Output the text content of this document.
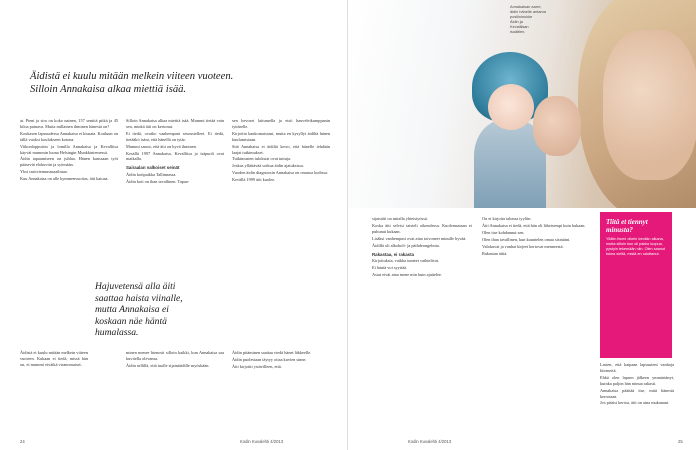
Äidistä ei kuulu mitään melkein viiteen vuoteen.
Silloin Annakaisa alkaa miettiä isää.

at. Pieni ja siro on koko nainen, 157 senttiä pitkä ja 45 kiloa painava. Mutta millainen ihminen hänestä on?

Koukasen lapsuudessa Annakaisa ei kiusata. Kouluun on tällä vuoksi koulukseen kotona.

Viikonloppuisin ja lomilla Annakaisa ja Kevalliisa käyvät mummin luona Helsingin Munkkiniemessä.

Äidin tapaamiseen on juhlaa. Hänen kanssaan työt pääsevät elokuviin ja syömään.

Yksi rastiviennusmaailmaa.

Kuu Annakaisa on alle kymmenvuotias, äiti katoaa.

Silloin Annakaisa alkaa miettiä isää. Mummi tietää vain sen, minkä äiti on kertonut.

Ei tiedä, ovatko vanhempani seurustelleet. Ei tiedä, tietääkö isäni, että hänellä on tytär.

Mummi sanoo, että äiti on hyvä ihminen.

Kesällä 1997 Annakaisa, Kevalliisa ja isäpuoli ovat matkalla.

Sairaalan valkoiset seinät

Äidin kotipaikka Tallinnassa.

Äidin koti on ihan tavallinen. Tapaa-

sen hevoset laitumella ja etsii hauveleikumppanin tyttärelle.

Kirjoitin kaukomaisiani, mutta en kysyllyt äidiltä hänen kuulumisiaan.

Sitä Annakaisa ei äidiltä kerro, että hänelle tehdään laajat tutkimukset.

Tutkimusten tuloksiat ovat tuttuja.

Joskus yllättävää sotkua äidin ajatuksissa.

Vuoden äidin diagnoosin Annakaisa on omassa kodissa.

Kevällä 1999 äiti kuolee.

Hajuvetensä alla äiti
saattaa haista viinalle,
mutta Annakaisa ei
koskaan näe häntä
humalassa.

Äidistä ei kuulu mitään melkein viiteen vuoteen. Kukaan ei tiedä, missä hän on, ei mummi eivätkä viranomaiset.

minen menee hienosti silloin kaikki, kun Annakaisa saa kuvitella olevansa.

Äidin sellillä, että tuolle sijaintäidille myöskään.

Äidin pitäminen saattaa viedä hänet läkkeelle.

Äidin puolestaan täytyy ottaa kuvien sinne.

Äiti kirjoitti ystävilleen, että.

24	Kodin Kuvalehti 4/2013
Annakaisan aarre,
äidin hänelle antama
posliininukke
Äidin ja
Kevalliisan
isoäitien.

sijaisäiti on mitalla yhteistyössä.

Koska äiti selvisi taisteli oikeudessa. Kuolemastaan ei puhunut kukaan.

Lisäksi vanhempasi ovat aina toivoneet minulle hyvää.

Äidillä oli alkoholi- ja päihdeongelmia.

Rakastaa, ei rakasta

Kirjoituksia, vaikka tunteet vaihtelivat.

Ei häntä voi syyttää.

Asiat eivät aina mene niin kuin ajattelee.

Ou ei kirjoita talonsa tyyliin.

Äiti Annakaisa ei tiedä, että hän oli läheisempi kuin kukaan.

Olen itse kohdannut sen.

Olen ihan tavallinen, kun kuuntelen omaa sisintäni.

Valokuvat ja vanhat kirjeet kertovat menneestä.

Rakastan äitiä.

Tiitä et tiennyt
minusta?

Yllätin itseni oikein kevään aikana, mutta silloin kun oli pakko luopua, pystyin tekemään niin. Olen saanut tukea sieltä, mistä en odottanut.

Lasten, että kaipaan lapsuuteni vanhoja kiirmeitä.

Ehkä olen lapsen jälkeen ymmärtänyt, kuinka paljon hän minua rakasti.

Annakaisa päättää itse, mitä hänestä kerrotaan.

Jos pitäisi kertoa, äiti on aina mukanani.

Kodin Kuvalehti 4/2013	25
